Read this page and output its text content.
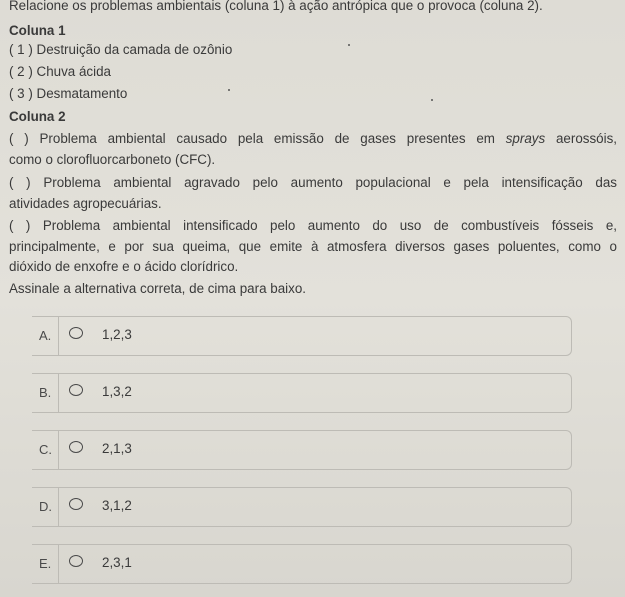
Relacione os problemas ambientais (coluna 1) à ação antrópica que o provoca (coluna 2).
Coluna 1
( 1 ) Destruição da camada de ozônio
( 2 ) Chuva ácida
( 3 ) Desmatamento
Coluna 2
( ) Problema ambiental causado pela emissão de gases presentes em sprays aerossóis,
como o clorofluorcarboneto (CFC).
( ) Problema ambiental agravado pelo aumento populacional e pela intensificação das
atividades agropecuárias.
( ) Problema ambiental intensificado pelo aumento do uso de combustíveis fósseis e,
principalmente, e por sua queima, que emite à atmosfera diversos gases poluentes, como o
dióxido de enxofre e o ácido clorídrico.
Assinale a alternativa correta, de cima para baixo.
A.	1,2,3
B.	1,3,2
C.	2,1,3
D.	3,1,2
E.	2,3,1
